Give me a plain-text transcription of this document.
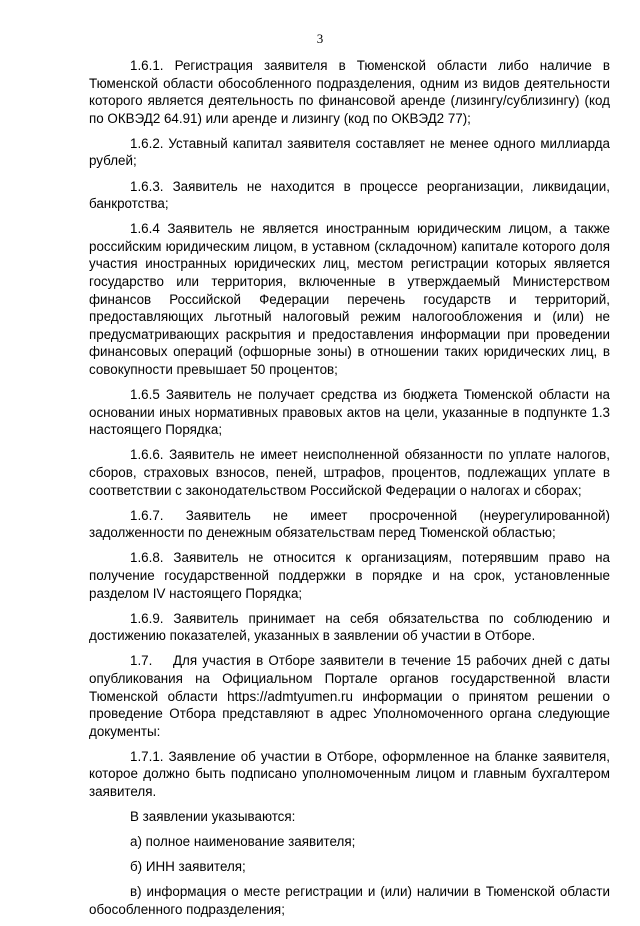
3

1.6.1. Регистрация заявителя в Тюменской области либо наличие в Тюменской области обособленного подразделения, одним из видов деятельности которого является деятельность по финансовой аренде (лизингу/сублизингу) (код по ОКВЭД2 64.91) или аренде и лизингу (код по ОКВЭД2 77);

1.6.2. Уставный капитал заявителя составляет не менее одного миллиарда рублей;

1.6.3. Заявитель не находится в процессе реорганизации, ликвидации, банкротства;

1.6.4 Заявитель не является иностранным юридическим лицом, а также российским юридическим лицом, в уставном (складочном) капитале которого доля участия иностранных юридических лиц, местом регистрации которых является государство или территория, включенные в утверждаемый Министерством финансов Российской Федерации перечень государств и территорий, предоставляющих льготный налоговый режим налогообложения и (или) не предусматривающих раскрытия и предоставления информации при проведении финансовых операций (офшорные зоны) в отношении таких юридических лиц, в совокупности превышает 50 процентов;

1.6.5 Заявитель не получает средства из бюджета Тюменской области на основании иных нормативных правовых актов на цели, указанные в подпункте 1.3 настоящего Порядка;

1.6.6. Заявитель не имеет неисполненной обязанности по уплате налогов, сборов, страховых взносов, пеней, штрафов, процентов, подлежащих уплате в соответствии с законодательством Российской Федерации о налогах и сборах;

1.6.7. Заявитель не имеет просроченной (неурегулированной) задолженности по денежным обязательствам перед Тюменской областью;

1.6.8. Заявитель не относится к организациям, потерявшим право на получение государственной поддержки в порядке и на срок, установленные разделом IV настоящего Порядка;

1.6.9. Заявитель принимает на себя обязательства по соблюдению и достижению показателей, указанных в заявлении об участии в Отборе.

1.7.    Для участия в Отборе заявители в течение 15 рабочих дней с даты опубликования на Официальном Портале органов государственной власти Тюменской области https://admtyumen.ru информации о принятом решении о проведение Отбора представляют в адрес Уполномоченного органа следующие документы:

1.7.1. Заявление об участии в Отборе, оформленное на бланке заявителя, которое должно быть подписано уполномоченным лицом и главным бухгалтером заявителя.

В заявлении указываются:

а) полное наименование заявителя;

б) ИНН заявителя;

в) информация о месте регистрации и (или) наличии в Тюменской области обособленного подразделения;
